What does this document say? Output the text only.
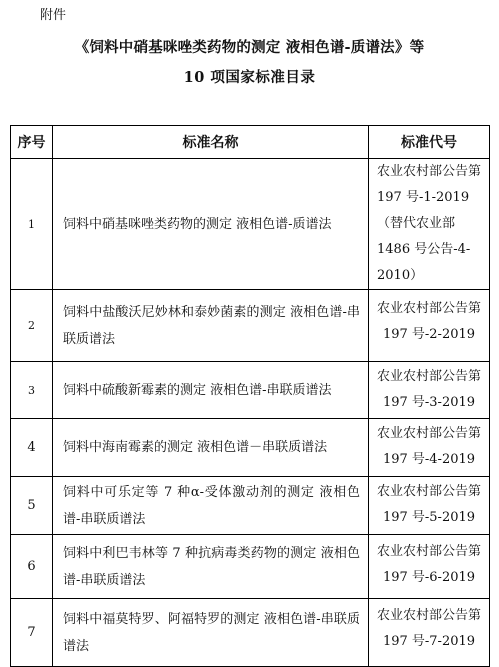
附件
《饲料中硝基咪唑类药物的测定 液相色谱-质谱法》等
10 项国家标准目录
序号	标准名称	标准代号
1	饲料中硝基咪唑类药物的测定 液相色谱-质谱法	农业农村部公告第 197 号-1-2019（替代农业部 1486 号公告-4-2010）
2	饲料中盐酸沃尼妙林和泰妙菌素的测定 液相色谱-串联质谱法	农业农村部公告第 197 号-2-2019
3	饲料中硫酸新霉素的测定 液相色谱-串联质谱法	农业农村部公告第 197 号-3-2019
4	饲料中海南霉素的测定 液相色谱－串联质谱法	农业农村部公告第 197 号-4-2019
5	饲料中可乐定等 7 种α-受体激动剂的测定 液相色谱-串联质谱法	农业农村部公告第 197 号-5-2019
6	饲料中利巴韦林等 7 种抗病毒类药物的测定 液相色谱-串联质谱法	农业农村部公告第 197 号-6-2019
7	饲料中福莫特罗、阿福特罗的测定 液相色谱-串联质谱法	农业农村部公告第 197 号-7-2019
